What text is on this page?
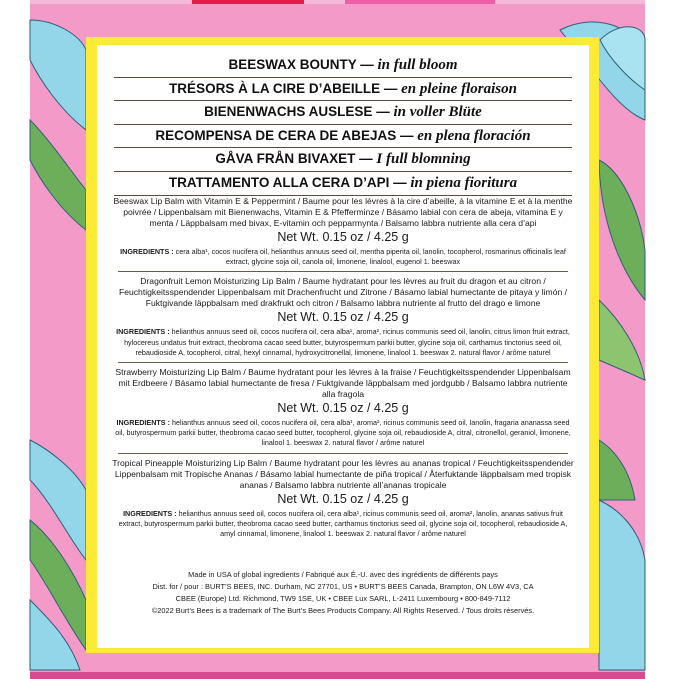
BEESWAX BOUNTY — in full bloom
TRÉSORS À LA CIRE D’ABEILLE — en pleine floraison
BIENENWACHS AUSLESE — in voller Blüte
RECOMPENSA DE CERA DE ABEJAS — en plena floración
GÅVA FRÅN BIVAXET — I full blomning
TRATTAMENTO ALLA CERA D’API — in piena fioritura

Beeswax Lip Balm with Vitamin E & Peppermint / Baume pour les lèvres à la cire d’abeille, à la vitamine E et à la menthe poivrée / Lippenbalsam mit Bienenwachs, Vitamin E & Pfefferminze / Básamo labial con cera de abeja, vitamina E y menta / Läppbalsam med bivax, E-vitamin och pepparmynta / Balsamo labbra nutriente alla cera d’api

Net Wt. 0.15 oz / 4.25 g

INGREDIENTS : cera alba¹, cocos nucifera oil, helianthus annuus seed oil, mentha piperita oil, lanolin, tocopherol, rosmarinus officinalis leaf extract, glycine soja oil, canola oil, limonene, linalool, eugenol 1. beeswax

Dragonfruit Lemon Moisturizing Lip Balm / Baume hydratant pour les lèvres au fruit du dragon et au citron / Feuchtigkeitsspendender Lippenbalsam mit Drachenfrucht und Zitrone / Básamo labial humectante de pitaya y limón / Fuktgivande läppbalsam med drakfrukt och citron / Balsamo labbra nutriente al frutto del drago e limone

Net Wt. 0.15 oz / 4.25 g

INGREDIENTS : helianthus annuus seed oil, cocos nucifera oil, cera alba¹, aroma², ricinus communis seed oil, lanolin, citrus limon fruit extract, hylocereus undatus fruit extract, theobroma cacao seed butter, butyrospermum parkii butter, glycine soja oil, carthamus tinctorius seed oil, rebaudioside A, tocopherol, citral, hexyl cinnamal, hydroxycitronellal, limonene, linalool 1. beeswax 2. natural flavor / arôme naturel

Strawberry Moisturizing Lip Balm / Baume hydratant pour les lèvres à la fraise / Feuchtigkeitsspendender Lippenbalsam mit Erdbeere / Básamo labial humectante de fresa / Fuktgivande läppbalsam med jordgubb / Balsamo labbra nutriente alla fragola

Net Wt. 0.15 oz / 4.25 g

INGREDIENTS : helianthus annuus seed oil, cocos nucifera oil, cera alba¹, aroma², ricinus communis seed oil, lanolin, fragaria ananassa seed oil, butyrospermum parkii butter, theobroma cacao seed butter, tocopherol, glycine soja oil, rebaudioside A, citral, citronellol, geraniol, limonene, linalool 1. beeswax 2. natural flavor / arôme naturel

Tropical Pineapple Moisturizing Lip Balm / Baume hydratant pour les lèvres au ananas tropical / Feuchtigkeitsspendender Lippenbalsam mit Tropische Ananas / Básamo labial humectante de piña tropical / Återfuktande läppbalsam med tropisk ananas / Balsamo labbra nutriente all’ananas tropicale

Net Wt. 0.15 oz / 4.25 g

INGREDIENTS : helianthus annuus seed oil, cocos nucifera oil, cera alba¹, ricinus communis seed oil, aroma², lanolin, ananas sativus fruit extract, butyrospermum parkii butter, theobroma cacao seed butter, carthamus tinctorius seed oil, glycine soja oil, tocopherol, rebaudioside A, amyl cinnamal, limonene, linalool 1. beeswax 2. natural flavor / arôme naturel

Made in USA of global ingredients / Fabriqué aux É.-U. avec des ingrédients de différents pays
Dist. for / pour : BURT’S BEES, INC. Durham, NC 27701, US • BURT’S BEES Canada, Brampton, ON L6W 4V3, CA
CBEE (Europe) Ltd. Richmond, TW9 1SE, UK • CBEE Lux SARL, L-2411 Luxembourg • 800-849-7112
©2022 Burt’s Bees is a trademark of The Burt’s Bees Products Company. All Rights Reserved. / Tous droits réservés.
